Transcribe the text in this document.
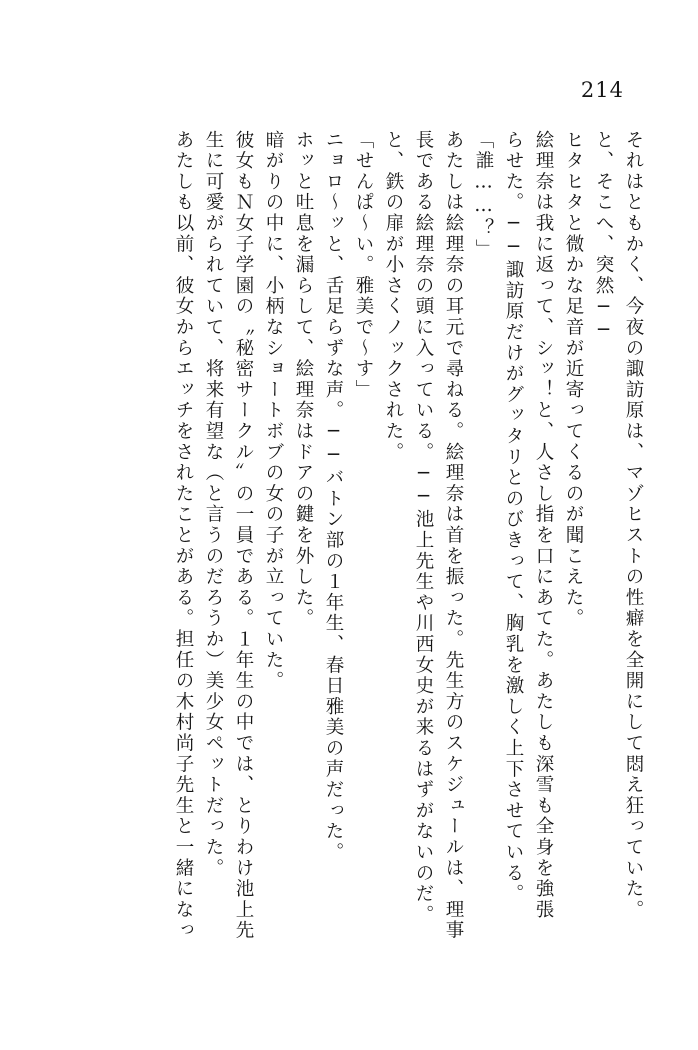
214
それはともかく、今夜の諏訪原は、マゾヒストの性癖を全開にして悶え狂っていた。
と、そこへ、突然──
ヒタヒタと微かな足音が近寄ってくるのが聞こえた。
絵理奈は我に返って、シッ！と、人さし指を口にあてた。あたしも深雪も全身を強張
らせた。──諏訪原だけがグッタリとのびきって、胸乳を激しく上下させている。
「誰……？」
あたしは絵理奈の耳元で尋ねる。絵理奈は首を振った。先生方のスケジュールは、理事
長である絵理奈の頭に入っている。──池上先生や川西女史が来るはずがないのだ。
と、鉄の扉が小さくノックされた。
「せんぱ〜い。雅美で〜す」
ニョロ〜ッと、舌足らずな声。──バトン部の１年生、春日雅美の声だった。
ホッと吐息を漏らして、絵理奈はドアの鍵を外した。
暗がりの中に、小柄なショートボブの女の子が立っていた。
彼女もＮ女子学園の〝秘密サークル〟の一員である。１年生の中では、とりわけ池上先
生に可愛がられていて、将来有望な（と言うのだろうか）美少女ペットだった。
あたしも以前、彼女からエッチをされたことがある。担任の木村尚子先生と一緒になっ
